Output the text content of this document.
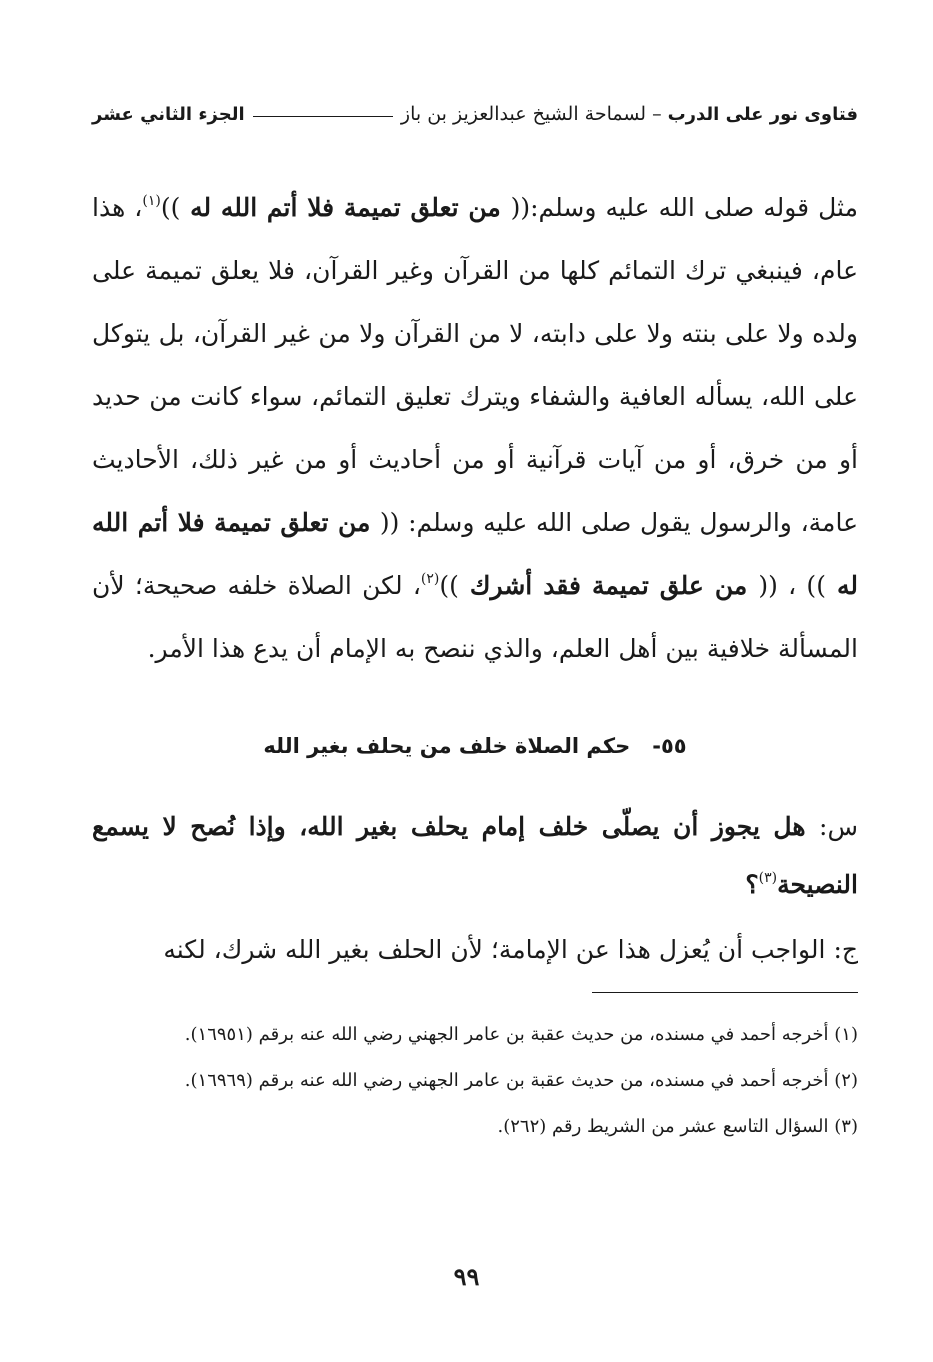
فتاوى نور على الدرب
–
لسماحة الشيخ عبدالعزيز بن باز
الجزء الثاني عشر

مثل قوله صلى الله عليه وسلم:(( من تعلق تميمة فلا أتم الله له ))$^{(١)}$، هذا عام، فينبغي ترك التمائم كلها من القرآن وغير القرآن، فلا يعلق تميمة على ولده ولا على بنته ولا على دابته، لا من القرآن ولا من غير القرآن، بل يتوكل على الله، يسأله العافية والشفاء ويترك تعليق التمائم، سواء كانت من حديد أو من خرق، أو من آيات قرآنية أو من أحاديث أو من غير ذلك، الأحاديث عامة، والرسول يقول صلى الله عليه وسلم: (( من تعلق تميمة فلا أتم الله له )) ، (( من علق تميمة فقد أشرك ))$^{(٢)}$، لكن الصلاة خلفه صحيحة؛ لأن المسألة خلافية بين أهل العلم، والذي ننصح به الإمام أن يدع هذا الأمر.

٥٥-حكم الصلاة خلف من يحلف بغير الله

س: هل يجوز أن يصلّى خلف إمام يحلف بغير الله، وإذا نُصح لا يسمع النصيحة$^{(٣)}$؟

ج: الواجب أن يُعزل هذا عن الإمامة؛ لأن الحلف بغير الله شرك، لكنه

(١) أخرجه أحمد في مسنده، من حديث عقبة بن عامر الجهني رضي الله عنه برقم (١٦٩٥١).

(٢) أخرجه أحمد في مسنده، من حديث عقبة بن عامر الجهني رضي الله عنه برقم (١٦٩٦٩).

(٣) السؤال التاسع عشر من الشريط رقم (٢٦٢).

٩٩
